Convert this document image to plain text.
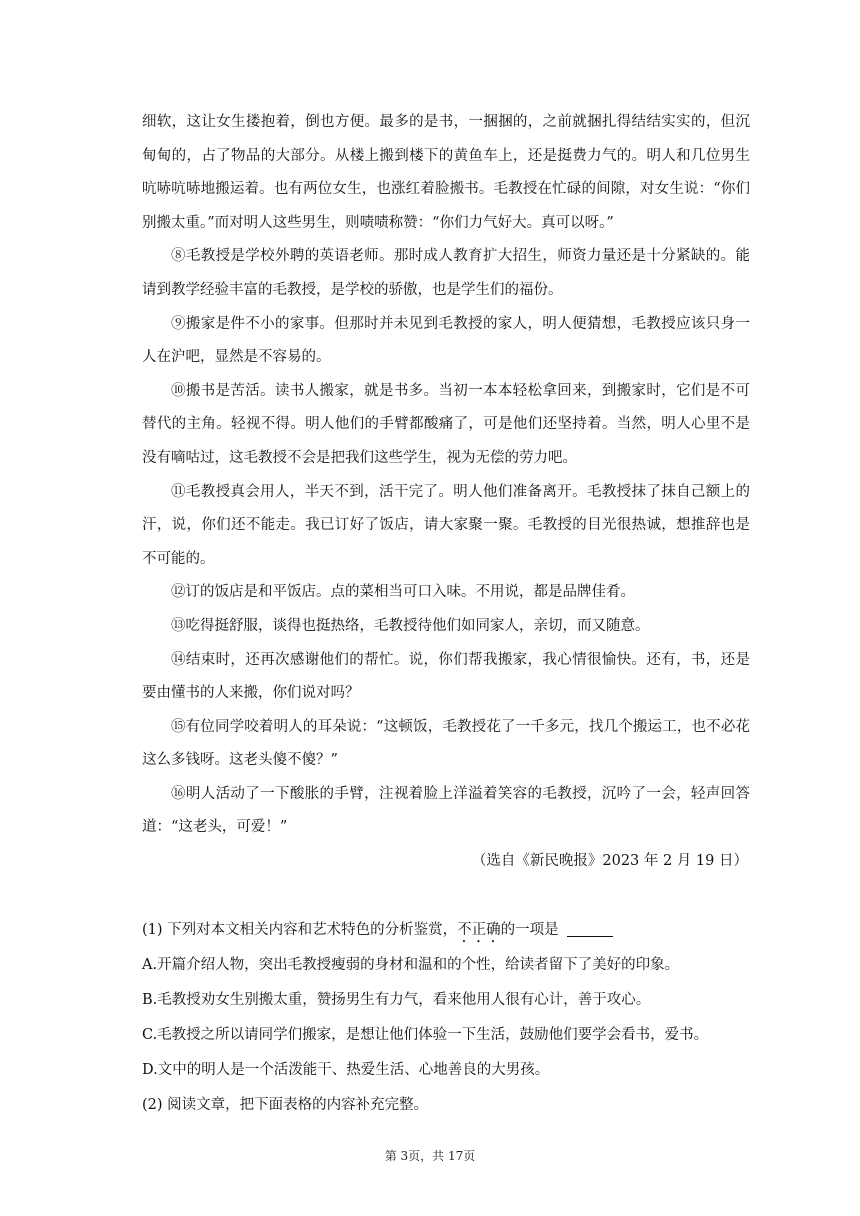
细软，这让女生搂抱着，倒也方便。最多的是书，一捆捆的，之前就捆扎得结结实实的，但沉甸甸的，占了物品的大部分。从楼上搬到楼下的黄鱼车上，还是挺费力气的。明人和几位男生吭哧吭哧地搬运着。也有两位女生，也涨红着脸搬书。毛教授在忙碌的间隙，对女生说：“你们别搬太重。”而对明人这些男生，则啧啧称赞：“你们力气好大。真可以呀。”

⑧毛教授是学校外聘的英语老师。那时成人教育扩大招生，师资力量还是十分紧缺的。能请到教学经验丰富的毛教授，是学校的骄傲，也是学生们的福份。

⑨搬家是件不小的家事。但那时并未见到毛教授的家人，明人便猜想，毛教授应该只身一人在沪吧，显然是不容易的。

⑩搬书是苦活。读书人搬家，就是书多。当初一本本轻松拿回来，到搬家时，它们是不可替代的主角。轻视不得。明人他们的手臂都酸痛了，可是他们还坚持着。当然，明人心里不是没有嘀咕过，这毛教授不会是把我们这些学生，视为无偿的劳力吧。

⑪毛教授真会用人，半天不到，活干完了。明人他们准备离开。毛教授抹了抹自己额上的汗，说，你们还不能走。我已订好了饭店，请大家聚一聚。毛教授的目光很热诚，想推辞也是不可能的。

⑫订的饭店是和平饭店。点的菜相当可口入味。不用说，都是品牌佳肴。

⑬吃得挺舒服，谈得也挺热络，毛教授待他们如同家人，亲切，而又随意。

⑭结束时，还再次感谢他们的帮忙。说，你们帮我搬家，我心情很愉快。还有，书，还是要由懂书的人来搬，你们说对吗？

⑮有位同学咬着明人的耳朵说：“这顿饭，毛教授花了一千多元，找几个搬运工，也不必花这么多钱呀。这老头傻不傻？”

⑯明人活动了一下酸胀的手臂，注视着脸上洋溢着笑容的毛教授，沉吟了一会，轻声回答道：“这老头，可爱！”

（选自《新民晚报》2023 年 2 月 19 日）

(1) 下列对本文相关内容和艺术特色的分析鉴赏，不正确的一项是

A.开篇介绍人物，突出毛教授瘦弱的身材和温和的个性，给读者留下了美好的印象。

B.毛教授劝女生别搬太重，赞扬男生有力气，看来他用人很有心计，善于攻心。

C.毛教授之所以请同学们搬家，是想让他们体验一下生活，鼓励他们要学会看书，爱书。

D.文中的明人是一个活泼能干、热爱生活、心地善良的大男孩。

(2) 阅读文章，把下面表格的内容补充完整。

第 3页，共 17页
